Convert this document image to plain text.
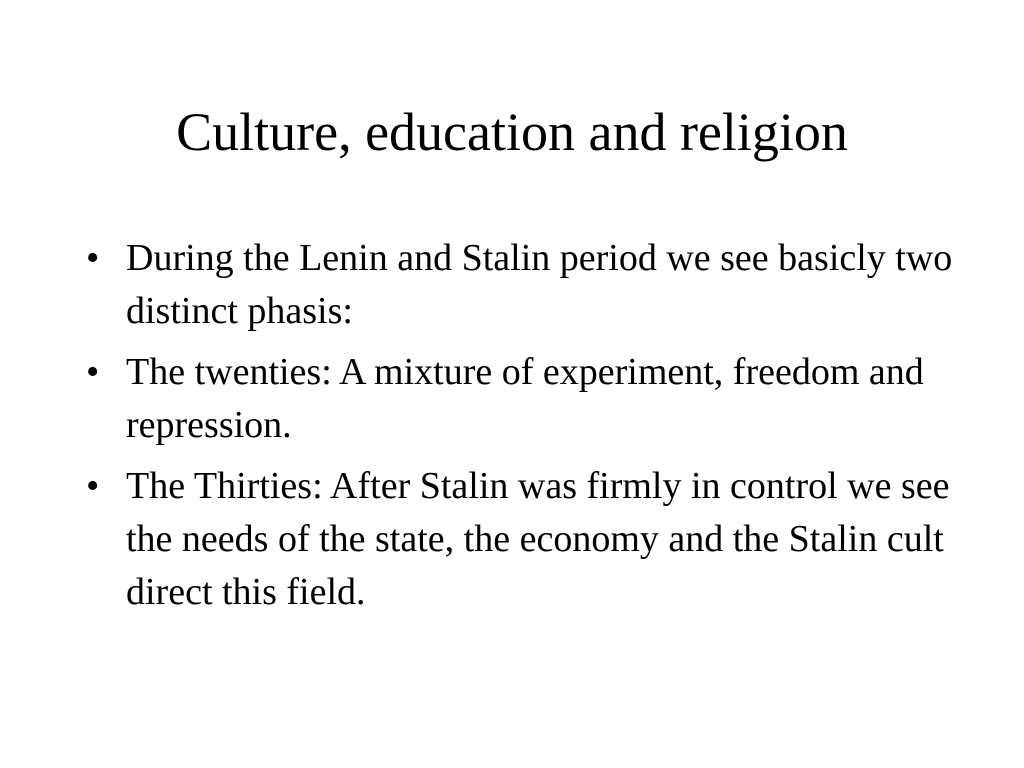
Culture, education and religion
• During the Lenin and Stalin period we see basicly two distinct phasis:
• The twenties: A mixture of experiment, freedom and repression.
• The Thirties: After Stalin was firmly in control we see the needs of the state, the economy and the Stalin cult direct this field.
